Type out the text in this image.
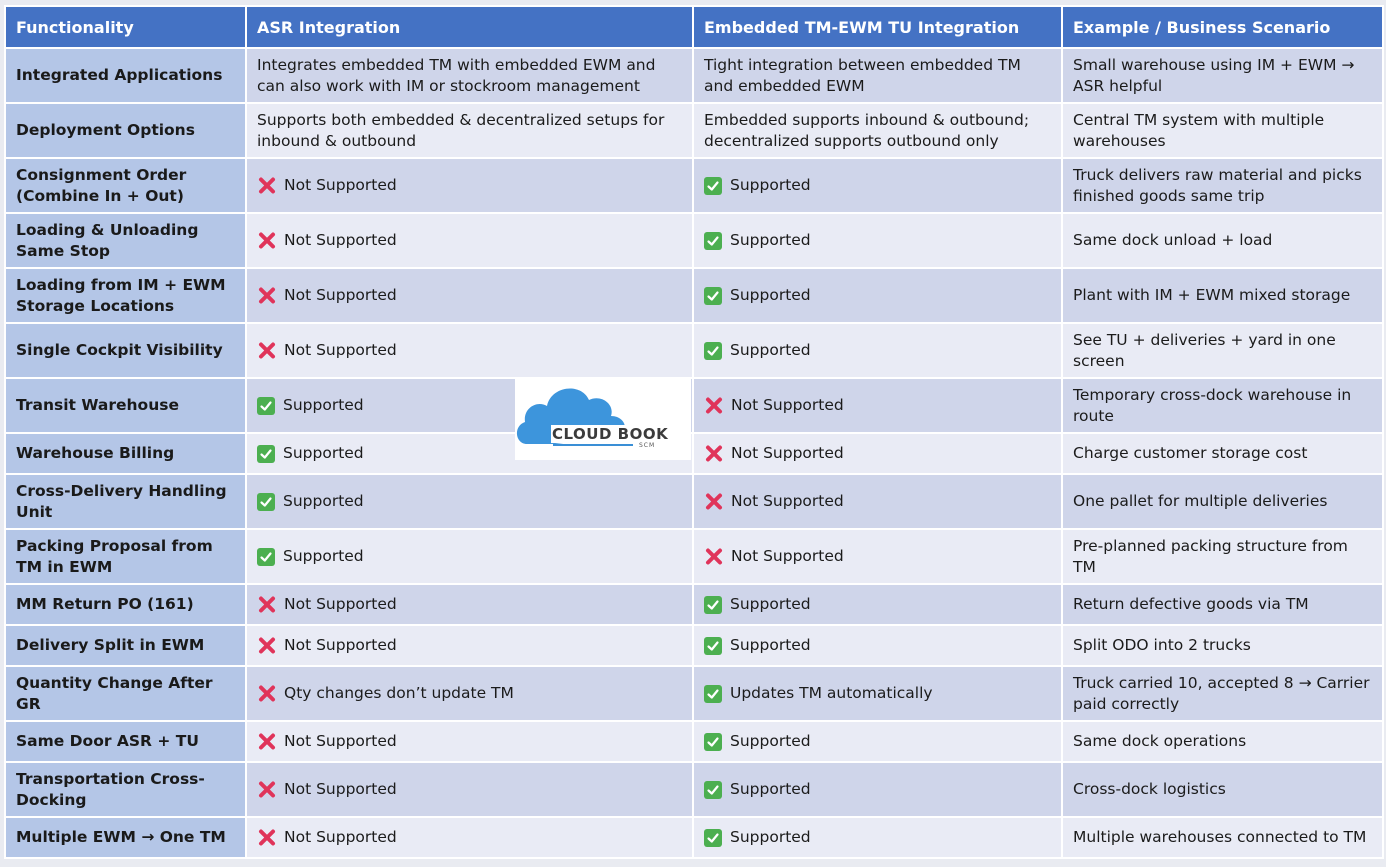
Functionality	ASR Integration	Embedded TM-EWM TU Integration	Example / Business Scenario
Integrated Applications	Integrates embedded TM with embedded EWM and can also work with IM or stockroom management	Tight integration between embedded TM and embedded EWM	Small warehouse using IM + EWM → ASR helpful
Deployment Options	Supports both embedded & decentralized setups for inbound & outbound	Embedded supports inbound & outbound; decentralized supports outbound only	Central TM system with multiple warehouses
Consignment Order (Combine In + Out)	Not Supported	Supported	Truck delivers raw material and picks finished goods same trip
Loading & Unloading Same Stop	Not Supported	Supported	Same dock unload + load
Loading from IM + EWM Storage Locations	Not Supported	Supported	Plant with IM + EWM mixed storage
Single Cockpit Visibility	Not Supported	Supported	See TU + deliveries + yard in one screen
Transit Warehouse	Supported	Not Supported	Temporary cross-dock warehouse in route
Warehouse Billing	Supported	Not Supported	Charge customer storage cost
Cross-Delivery Handling Unit	Supported	Not Supported	One pallet for multiple deliveries
Packing Proposal from TM in EWM	Supported	Not Supported	Pre-planned packing structure from TM
MM Return PO (161)	Not Supported	Supported	Return defective goods via TM
Delivery Split in EWM	Not Supported	Supported	Split ODO into 2 trucks
Quantity Change After GR	Qty changes don’t update TM	Updates TM automatically	Truck carried 10, accepted 8 → Carrier paid correctly
Same Door ASR + TU	Not Supported	Supported	Same dock operations
Transportation Cross-Docking	Not Supported	Supported	Cross-dock logistics
Multiple EWM → One TM	Not Supported	Supported	Multiple warehouses connected to TM
CLOUD BOOK
SCM
